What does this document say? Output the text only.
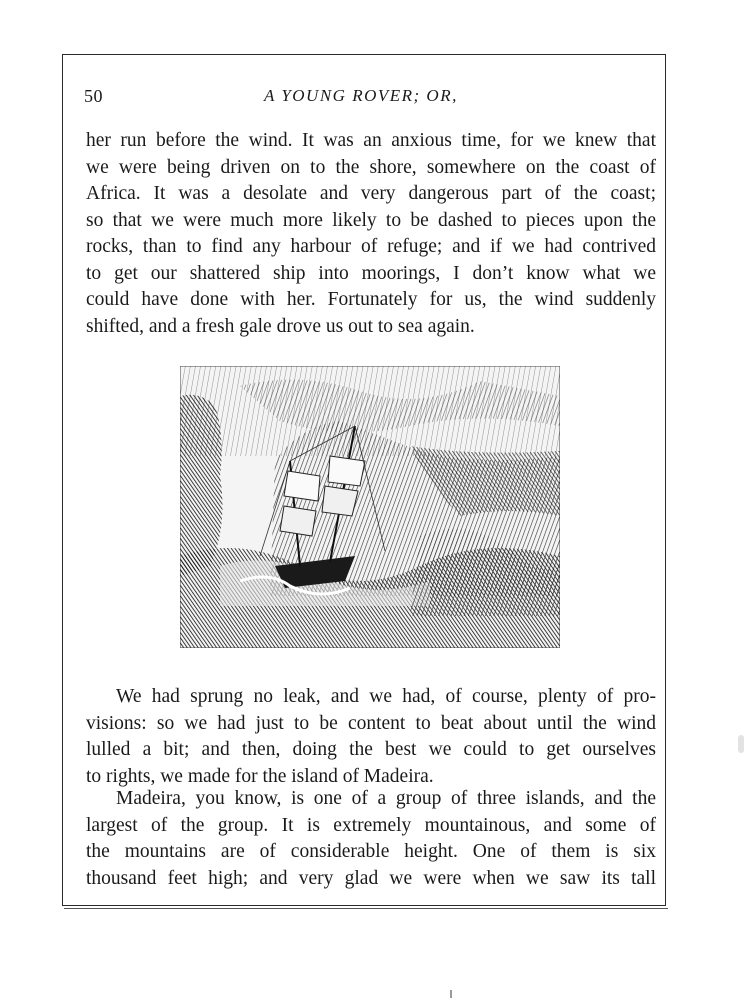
50	A YOUNG ROVER; OR,
her run before the wind. It was an anxious time, for we knew that
we were being driven on to the shore, somewhere on the coast of
Africa. It was a desolate and very dangerous part of the coast;
so that we were much more likely to be dashed to pieces upon the
rocks, than to find any harbour of refuge; and if we had contrived
to get our shattered ship into moorings, I don’t know what we
could have done with her. Fortunately for us, the wind suddenly
shifted, and a fresh gale drove us out to sea again.
We had sprung no leak, and we had, of course, plenty of pro-
visions: so we had just to be content to beat about until the wind
lulled a bit; and then, doing the best we could to get ourselves
to rights, we made for the island of Madeira.
Madeira, you know, is one of a group of three islands, and the
largest of the group. It is extremely mountainous, and some of
the mountains are of considerable height. One of them is six
thousand feet high; and very glad we were when we saw its tall
